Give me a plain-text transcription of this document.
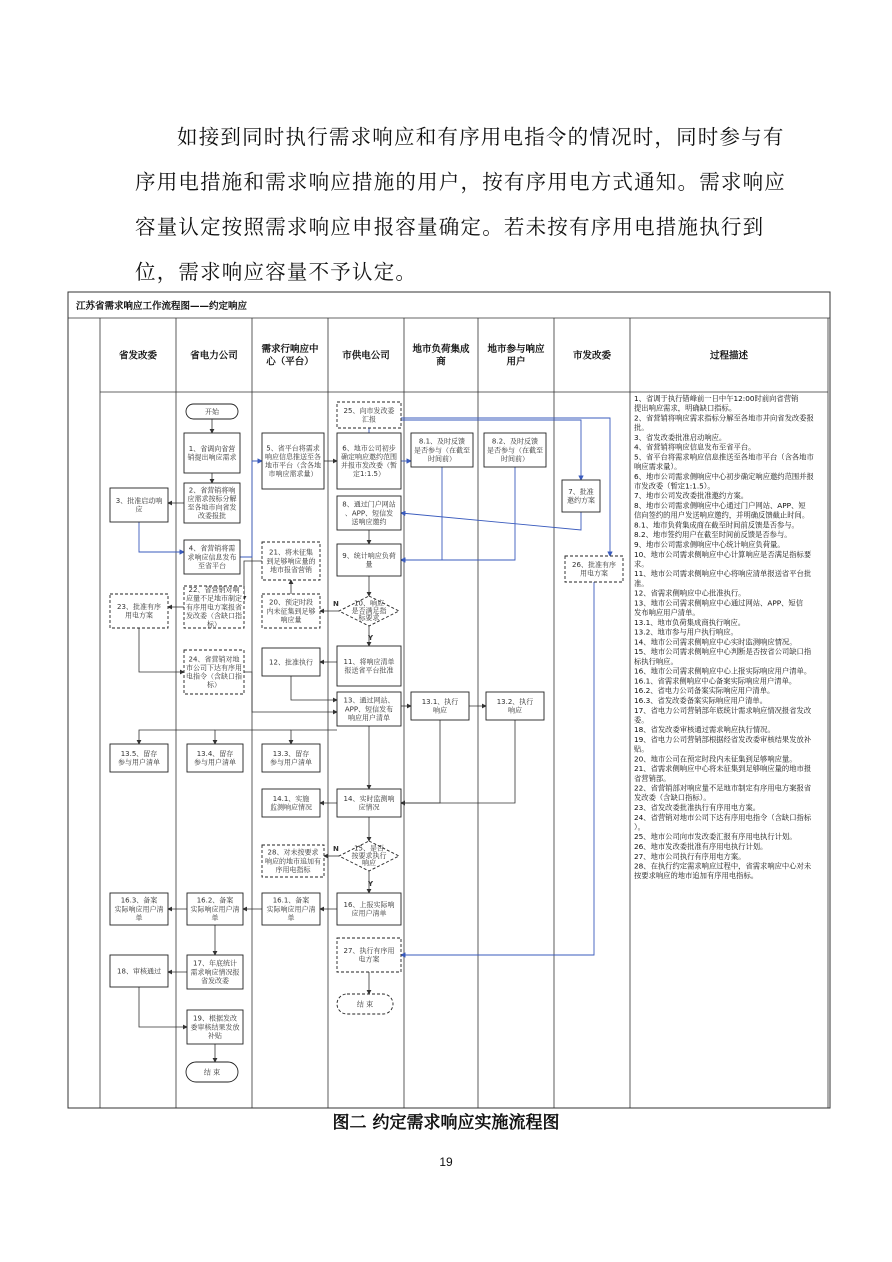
如接到同时执行需求响应和有序用电指令的情况时，同时参与有
序用电措施和需求响应措施的用户，按有序用电方式通知。需求响应
容量认定按照需求响应申报容量确定。若未按有序用电措施执行到
位，需求响应容量不予认定。
江苏省需求响应工作流程图——约定响应
省发改委	省电力公司
需求行响应中心（平台）
市供电公司
地市负荷集成商
地市参与响应用户
市发改委	过程描述
开始
1、省调向省营销提出响应需求
2、省营销将响应需求按标分解至各地市向省发改委报批
3、批准启动响应
4、省营销将需求响应信息发布至省平台
5、省平台将需求响应信息推送至各地市平台（含各地市响应需求量）
6、地市公司初步确定响应邀约范围并报市发改委（暂定1:1.5）
7、批准邀约方案
8、通过门户网站、APP、短信发送响应邀约
8.1、及时反馈是否参与（在截至时间前）
8.2、及时反馈是否参与（在截至时间前）
9、统计响应负荷量
10、响应是否满足指标要求
11、将响应清单报送省平台批准
12、批准执行
13、通过网站、 APP、短信发布响应用户清单
13.1、执行响应
13.2、执行响应
13.3、留存参与用户清单
13.4、留存参与用户清单
13.5、留存参与用户清单
14、实时监测响应情况
14.1、实施监测响应情况
15、是否按要求执行响应
16、上报实际响应用户清单
16.1、备案实际响应用户清单
16.2、备案实际响应用户清单
16.3、备案实际响应用户清单
17、年底统计需求响应情况报省发改委
18、审核通过
19、根据发改委审核结果发放补贴
20、预定时段内未征集到足够响应量
21、将未征集到足够响应量的地市报省营销
22、省营销对响应量不足地市制定有序用电方案报省发改委（含缺口指标）
23、批准有序用电方案
24、省营销对地市公司下达有序用电指令（含缺口指标）
25、向市发改委汇报
26、批准有序用电方案
27、执行有序用电方案
28、对未按要求响应的地市追加有序用电指标
结 束
结 束
Y
N
Y
N
1、省调于执行错峰前一日中午12:00时前向省营销提出响应需求，明确缺口指标。
2、省营销将响应需求指标分解至各地市并向省发改委报批。
3、省发改委批准启动响应。
4、省营销将响应信息发布至省平台。
5、省平台将需求响应信息推送至各地市平台（含各地市响应需求量）。
6、地市公司需求侧响应中心初步确定响应邀约范围并报市发改委（暂定1:1.5）。
7、地市公司发改委批准邀约方案。
8、地市公司需求侧响应中心通过门户网站、APP、短信向签约的用户发送响应邀约，并明确反馈截止时间。
8.1、地市负荷集成商在截至时间前反馈是否参与。
8.2、地市签约用户在截至时间前反馈是否参与。
9、地市公司需求侧响应中心统计响应负荷量。
10、地市公司需求侧响应中心计算响应是否满足指标要求。
11、地市公司需求侧响应中心将响应清单报送省平台批准。
12、省需求侧响应中心批准执行。
13、地市公司需求侧响应中心通过网站、APP、短信发布响应用户清单。
13.1、地市负荷集成商执行响应。
13.2、地市参与用户执行响应。
14、地市公司需求侧响应中心实时监测响应情况。
15、地市公司需求侧响应中心判断是否按省公司缺口指标执行响应。
16、地市公司需求侧响应中心上报实际响应用户清单。
16.1、省需求侧响应中心备案实际响应用户清单。
16.2、省电力公司备案实际响应用户清单。
16.3、省发改委备案实际响应用户清单。
17、省电力公司营销部年底统计需求响应情况报省发改委。
18、省发改委审核通过需求响应执行情况。
19、省电力公司营销部根据经省发改委审核结果发放补贴。
20、地市公司在预定时段内未征集到足够响应量。
21、省需求侧响应中心将未征集到足够响应量的地市报省营销部。
22、省营销部对响应量不足地市制定有序用电方案报省发改委（含缺口指标）。
23、省发改委批准执行有序用电方案。
24、省营销对地市公司下达有序用电指令（含缺口指标）。
25、地市公司向市发改委汇报有序用电执行计划。
26、地市发改委批准有序用电执行计划。
27、地市公司执行有序用电方案。
28、在执行约定需求响应过程中，省需求响应中心对未按要求响应的地市追加有序用电指标。
图二 约定需求响应实施流程图
19
